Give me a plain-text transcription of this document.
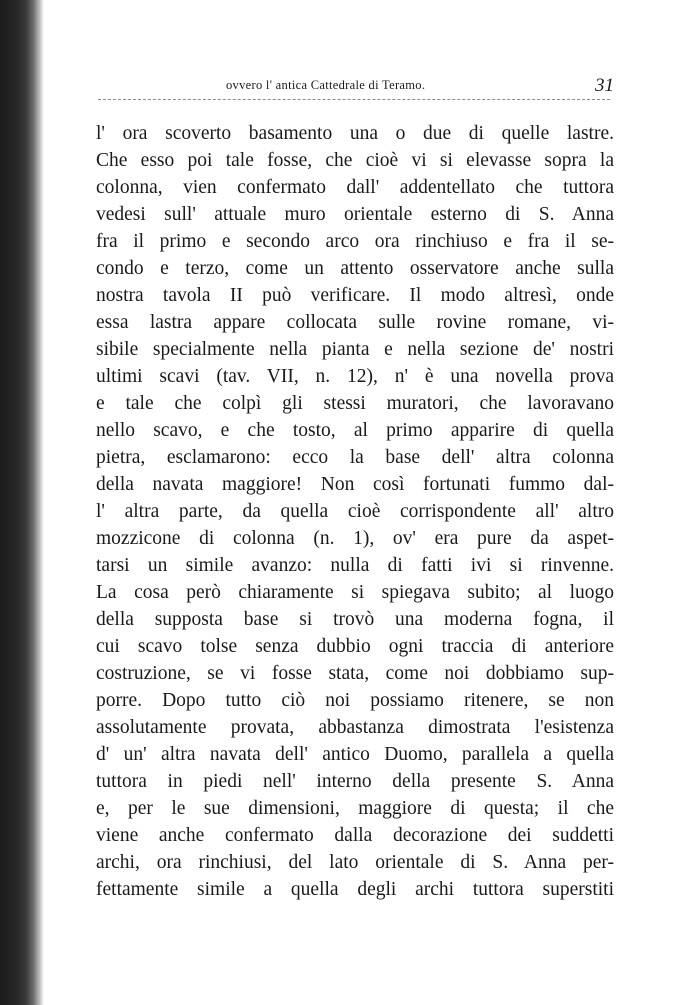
ovvero l' antica Cattedrale di Teramo.	31
l' ora scoverto basamento una o due di quelle lastre.
Che esso poi tale fosse, che cioè vi si elevasse sopra la
colonna, vien confermato dall' addentellato che tuttora
vedesi sull' attuale muro orientale esterno di S. Anna
fra il primo e secondo arco ora rinchiuso e fra il se-
condo e terzo, come un attento osservatore anche sulla
nostra tavola II può verificare. Il modo altresì, onde
essa lastra appare collocata sulle rovine romane, vi-
sibile specialmente nella pianta e nella sezione de' nostri
ultimi scavi (tav. VII, n. 12), n' è una novella prova
e tale che colpì gli stessi muratori, che lavoravano
nello scavo, e che tosto, al primo apparire di quella
pietra, esclamarono: ecco la base dell' altra colonna
della navata maggiore! Non così fortunati fummo dal-
l' altra parte, da quella cioè corrispondente all' altro
mozzicone di colonna (n. 1), ov' era pure da aspet-
tarsi un simile avanzo: nulla di fatti ivi si rinvenne.
La cosa però chiaramente si spiegava subito; al luogo
della supposta base si trovò una moderna fogna, il
cui scavo tolse senza dubbio ogni traccia di anteriore
costruzione, se vi fosse stata, come noi dobbiamo sup-
porre. Dopo tutto ciò noi possiamo ritenere, se non
assolutamente provata, abbastanza dimostrata l'esistenza
d' un' altra navata dell' antico Duomo, parallela a quella
tuttora in piedi nell' interno della presente S. Anna
e, per le sue dimensioni, maggiore di questa; il che
viene anche confermato dalla decorazione dei suddetti
archi, ora rinchiusi, del lato orientale di S. Anna per-
fettamente simile a quella degli archi tuttora superstiti
